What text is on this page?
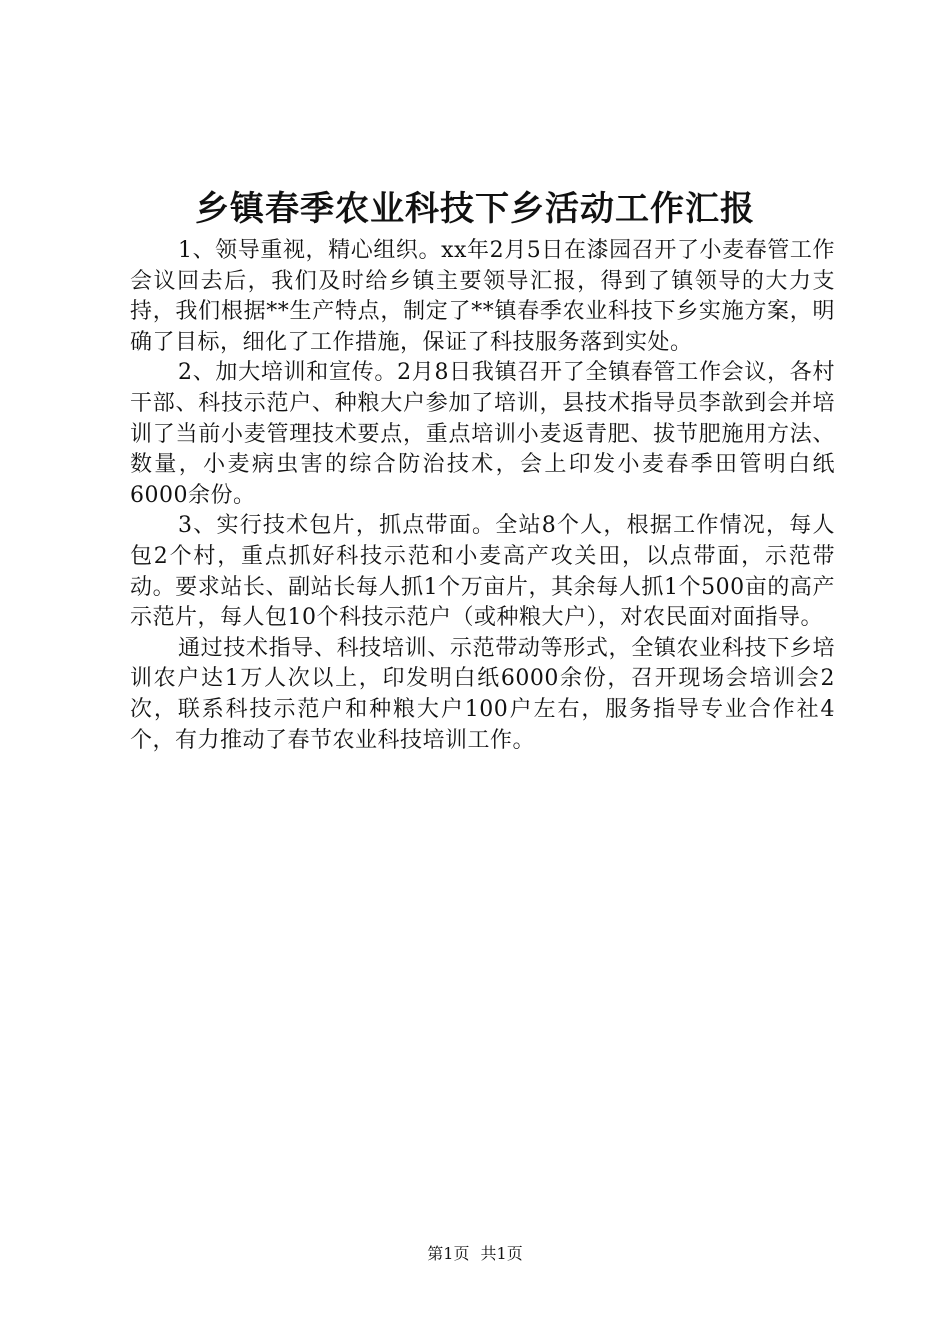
乡镇春季农业科技下乡活动工作汇报

1、领导重视，精心组织。xx年2月5日在漆园召开了小麦春管工作会议回去后，我们及时给乡镇主要领导汇报，得到了镇领导的大力支持，我们根据**生产特点，制定了**镇春季农业科技下乡实施方案，明确了目标，细化了工作措施，保证了科技服务落到实处。

2、加大培训和宣传。2月8日我镇召开了全镇春管工作会议，各村干部、科技示范户、种粮大户参加了培训，县技术指导员李歆到会并培训了当前小麦管理技术要点，重点培训小麦返青肥、拔节肥施用方法、数量，小麦病虫害的综合防治技术，会上印发小麦春季田管明白纸6000余份。

3、实行技术包片，抓点带面。全站8个人，根据工作情况，每人包2个村，重点抓好科技示范和小麦高产攻关田，以点带面，示范带动。要求站长、副站长每人抓1个万亩片，其余每人抓1个500亩的高产示范片，每人包10个科技示范户（或种粮大户），对农民面对面指导。

通过技术指导、科技培训、示范带动等形式，全镇农业科技下乡培训农户达1万人次以上，印发明白纸6000余份，召开现场会培训会2次，联系科技示范户和种粮大户100户左右，服务指导专业合作社4个，有力推动了春节农业科技培训工作。

第1页 共1页
